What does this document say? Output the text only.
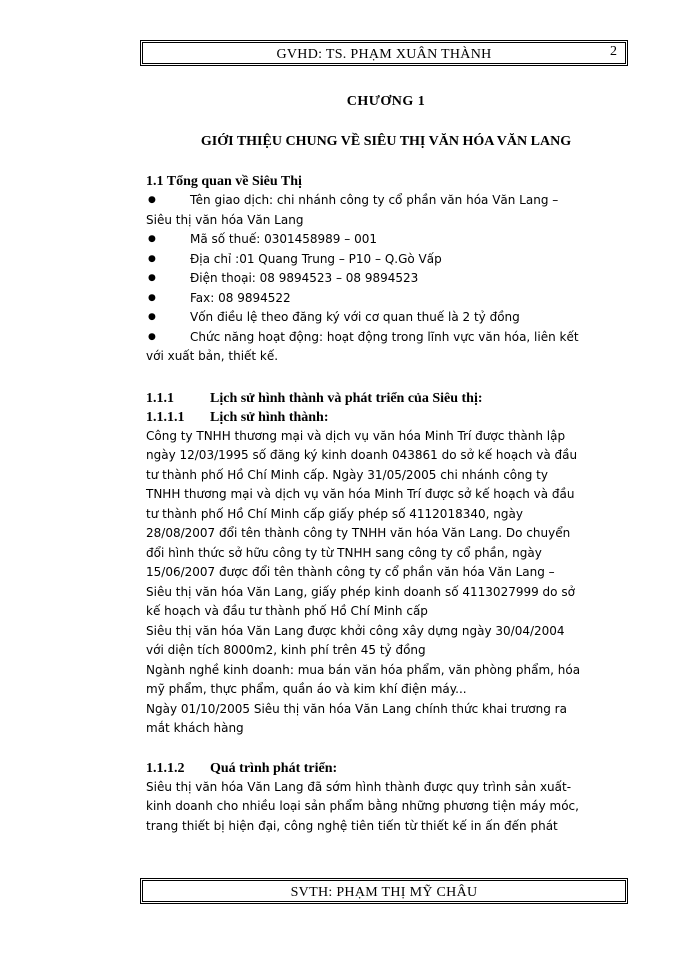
GVHD: TS. PHẠM XUÂN THÀNH	2

CHƯƠNG 1

GIỚI THIỆU CHUNG VỀ SIÊU THỊ VĂN HÓA VĂN LANG

1.1 Tổng quan về Siêu Thị

●	Tên giao dịch: chi nhánh công ty cổ phần văn hóa Văn Lang –
Siêu thị văn hóa Văn Lang
●	Mã số thuế: 0301458989 – 001
●	Địa chỉ :01 Quang Trung – P10 – Q.Gò Vấp
●	Điện thoại: 08 9894523 – 08 9894523
●	Fax: 08 9894522
●	Vốn điều lệ theo đăng ký với cơ quan thuế là 2 tỷ đồng
●	Chức năng hoạt động: hoạt động trong lĩnh vực văn hóa, liên kết
với xuất bản, thiết kế.

1.1.1	Lịch sử hình thành và phát triển của Siêu thị:

1.1.1.1 Lịch sử hình thành:

Công ty TNHH thương mại và dịch vụ văn hóa Minh Trí được thành lập
ngày 12/03/1995 số đăng ký kinh doanh 043861 do sở kế hoạch và đầu
tư thành phố Hồ Chí Minh cấp. Ngày 31/05/2005 chi nhánh công ty
TNHH thương mại và dịch vụ văn hóa Minh Trí được sở kế hoạch và đầu
tư thành phố Hồ Chí Minh cấp giấy phép số 4112018340, ngày
28/08/2007 đổi tên thành công ty TNHH văn hóa Văn Lang. Do chuyển
đổi hình thức sở hữu công ty từ TNHH sang công ty cổ phần, ngày
15/06/2007 được đổi tên thành công ty cổ phần văn hóa Văn Lang –
Siêu thị văn hóa Văn Lang, giấy phép kinh doanh số 4113027999 do sở
kế hoạch và đầu tư thành phố Hồ Chí Minh cấp
Siêu thị văn hóa Văn Lang được khởi công xây dựng ngày 30/04/2004
với diện tích 8000m2, kinh phí trên 45 tỷ đồng
Ngành nghề kinh doanh: mua bán văn hóa phẩm, văn phòng phẩm, hóa
mỹ phẩm, thực phẩm, quần áo và kim khí điện máy...
Ngày 01/10/2005 Siêu thị văn hóa Văn Lang chính thức khai trương ra
mắt khách hàng

1.1.1.2 Quá trình phát triển:

Siêu thị văn hóa Văn Lang đã sớm hình thành được quy trình sản xuất-
kinh doanh cho nhiều loại sản phẩm bằng những phương tiện máy móc,
trang thiết bị hiện đại, công nghệ tiên tiến từ thiết kế in ấn đến phát
SVTH: PHẠM THỊ MỸ CHÂU
